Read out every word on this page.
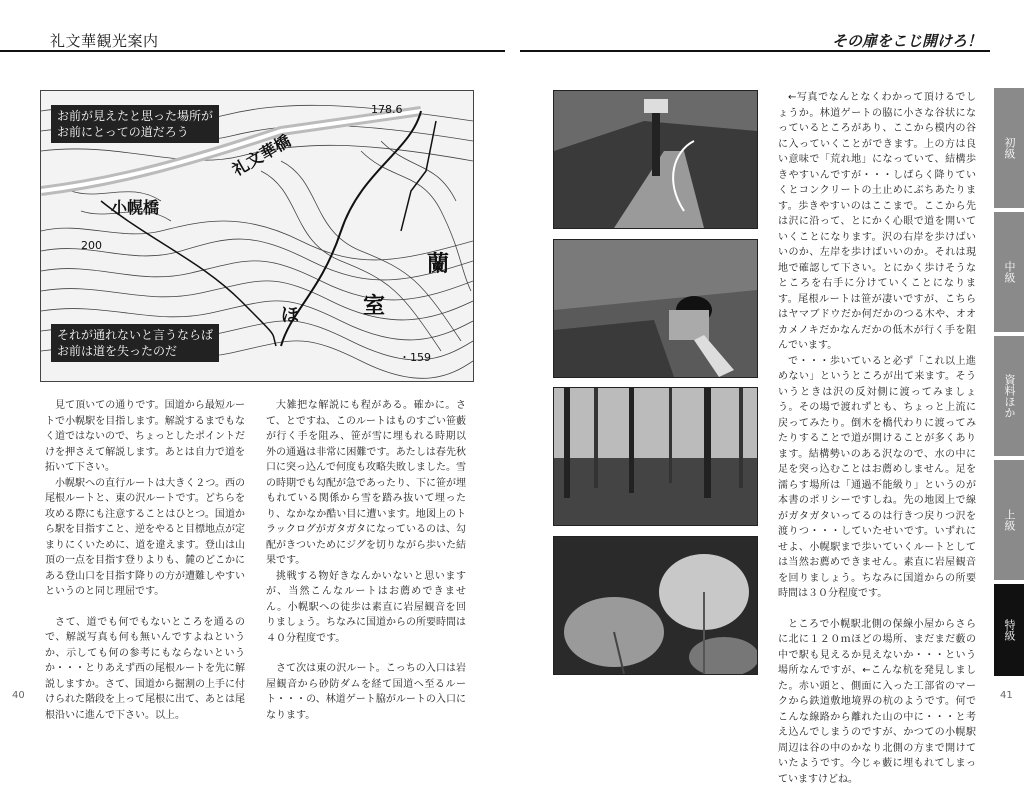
礼文華観光案内	その扉をこじ開けろ！
お前が見えたと思った場所が
お前にとっての道だろう
それが通れないと言うならば
お前は道を失ったのだ
礼文華橋
小幌橋
室
蘭
ほ
178.6
・159
200

見て頂いての通りです。国道から最短ルートで小幌駅を目指します。解説するまでもなく道ではないので、ちょっとしたポイントだけを押さえて解説します。あとは自力で道を拓いて下さい。

小幌駅への直行ルートは大きく２つ。西の尾根ルートと、東の沢ルートです。どちらを攻める際にも注意することはひとつ。国道から駅を目指すこと、逆をやると目標地点が定まりにくいために、道を違えます。登山は山頂の一点を目指す登りよりも、麓のどこかにある登山口を目指す降りの方が遭難しやすいというのと同じ理屈です。

さて、道でも何でもないところを通るので、解説写真も何も無いんですよねというか、示しても何の参考にもならないというか・・・とりあえず西の尾根ルートを先に解説しますか。さて、国道から掘割の上手に付けられた階段を上って尾根に出て、あとは尾根沿いに進んで下さい。以上。

大雑把な解説にも程がある。確かに。さて、とですね、このルートはものすごい笹藪が行く手を阻み、笹が雪に埋もれる時期以外の通過は非常に困難です。あたしは春先秋口に突っ込んで何度も攻略失敗しました。雪の時期でも勾配が急であったり、下に笹が埋もれている関係から雪を踏み抜いて埋ったり、なかなか酷い目に遭います。地図上のトラックログがガタガタになっているのは、勾配がきついためにジグを切りながら歩いた結果です。

挑戦する物好きなんかいないと思いますが、当然こんなルートはお薦めできません。小幌駅への徒歩は素直に岩屋観音を回りましょう。ちなみに国道からの所要時間は４０分程度です。

さて次は東の沢ルート。こっちの入口は岩屋観音から砂防ダムを経て国道へ至るルート・・・の、林道ゲート脇がルートの入口になります。

←写真でなんとなくわかって頂けるでしょうか。林道ゲートの脇に小さな谷状になっているところがあり、ここから模内の谷に入っていくことができます。上の方は良い意味で「荒れ地」になっていて、結構歩きやすいんですが・・・しばらく降りていくとコンクリートの土止めにぶちあたります。歩きやすいのはここまで。ここから先は沢に沿って、とにかく心眼で道を開いていくことになります。沢の右岸を歩けばいいのか、左岸を歩けばいいのか。それは現地で確認して下さい。とにかく歩けそうなところを右手に分けていくことになります。尾根ルートは笹が凄いですが、こちらはヤマブドウだか何だかのつる木や、オオカメノキだかなんだかの低木が行く手を阻んでいます。

で・・・歩いていると必ず「これ以上進めない」というところが出て来ます。そういうときは沢の反対側に渡ってみましょう。その場で渡れずとも、ちょっと上流に戻ってみたり。倒木を橋代わりに渡ってみたりすることで道が開けることが多くあります。結構勢いのある沢なので、水の中に足を突っ込むことはお薦めしません。足を濡らす場所は「通過不能級り」というのが本書のポリシーですしね。先の地図上で線がガタガタいってるのは行きつ戻りつ沢を渡りつ・・・していたせいです。いずれにせよ、小幌駅まで歩いていくルートとしては当然お薦めできません。素直に岩屋観音を回りましょう。ちなみに国道からの所要時間は３０分程度です。

ところで小幌駅北側の保線小屋からさらに北に１２０ｍほどの場所、まだまだ藪の中で駅も見えるか見えないか・・・という場所なんですが、←こんな杭を発見しました。赤い頭と、側面に入った工部省のマークから鉄道敷地境界の杭のようです。何でこんな線路から離れた山の中に・・・と考え込んでしまうのですが、かつての小幌駅周辺は谷の中のかなり北側の方まで開けていたようです。今じゃ藪に埋もれてしまっていますけどね。

初級
中級
資料ほか
上級
特級
40	41
